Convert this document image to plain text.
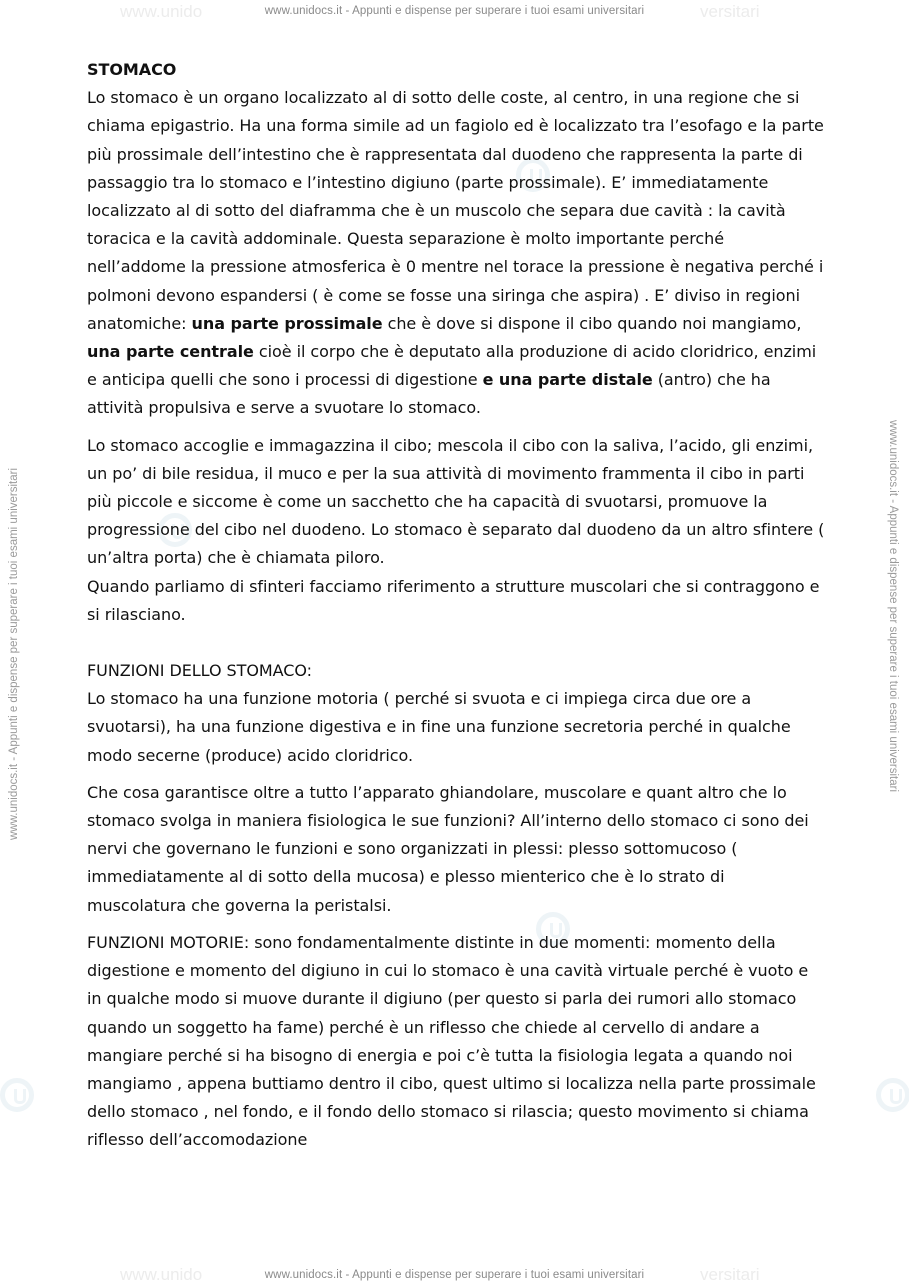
www.unido	versitari
www.unido	versitari
www.unidocs.it - Appunti e dispense per superare i tuoi esami universitari
www.unidocs.it - Appunti e dispense per superare i tuoi esami universitari
www.unidocs.it - Appunti e dispense per superare i tuoi esami universitari	www.unidocs.it - Appunti e dispense per superare i tuoi esami universitari

STOMACO

Lo stomaco è un organo localizzato al di sotto delle coste, al centro, in una regione che si chiama epigastrio. Ha una forma simile ad un fagiolo ed è localizzato tra l’esofago e la parte più prossimale dell’intestino che è rappresentata dal duodeno che rappresenta la parte di passaggio tra lo stomaco e l’intestino digiuno (parte prossimale). E’ immediatamente localizzato al di sotto del diaframma che è un muscolo che separa due cavità : la cavità toracica e la cavità addominale. Questa separazione è molto importante perché nell’addome la pressione atmosferica è 0 mentre nel torace la pressione è negativa perché i polmoni devono espandersi ( è come se fosse una siringa che aspira) . E’ diviso in regioni anatomiche: una parte prossimale che è dove si dispone il cibo quando noi mangiamo, una parte centrale cioè il corpo che è deputato alla produzione di acido cloridrico, enzimi e anticipa quelli che sono i processi di digestione e una parte distale (antro) che ha attività propulsiva e serve a svuotare lo stomaco.

Lo stomaco accoglie e immagazzina il cibo; mescola il cibo con la saliva, l’acido, gli enzimi, un po’ di bile residua, il muco e per la sua attività di movimento frammenta il cibo in parti più piccole e siccome è come un sacchetto che ha capacità di svuotarsi, promuove la progressione del cibo nel duodeno. Lo stomaco è separato dal duodeno da un altro sfintere ( un’altra porta) che è chiamata piloro.

Quando parliamo di sfinteri facciamo riferimento a strutture muscolari che si contraggono e si rilasciano.

FUNZIONI DELLO STOMACO:

Lo stomaco ha una funzione motoria ( perché si svuota e ci impiega circa due ore a svuotarsi), ha una funzione digestiva e in fine una funzione secretoria perché in qualche modo secerne (produce) acido cloridrico.

Che cosa garantisce oltre a tutto l’apparato ghiandolare, muscolare e quant altro che lo stomaco svolga in maniera fisiologica le sue funzioni? All’interno dello stomaco ci sono dei nervi che governano le funzioni e sono organizzati in plessi: plesso sottomucoso ( immediatamente al di sotto della mucosa) e plesso mienterico che è lo strato di muscolatura che governa la peristalsi.

FUNZIONI MOTORIE: sono fondamentalmente distinte in due momenti: momento della digestione e momento del digiuno in cui lo stomaco è una cavità virtuale perché è vuoto e in qualche modo si muove durante il digiuno (per questo si parla dei rumori allo stomaco quando un soggetto ha fame) perché è un riflesso che chiede al cervello di andare a mangiare perché si ha bisogno di energia e poi c’è tutta la fisiologia legata a quando noi mangiamo , appena buttiamo dentro il cibo, quest ultimo si localizza nella parte prossimale dello stomaco , nel fondo, e il fondo dello stomaco si rilascia; questo movimento si chiama riflesso dell’accomodazione
